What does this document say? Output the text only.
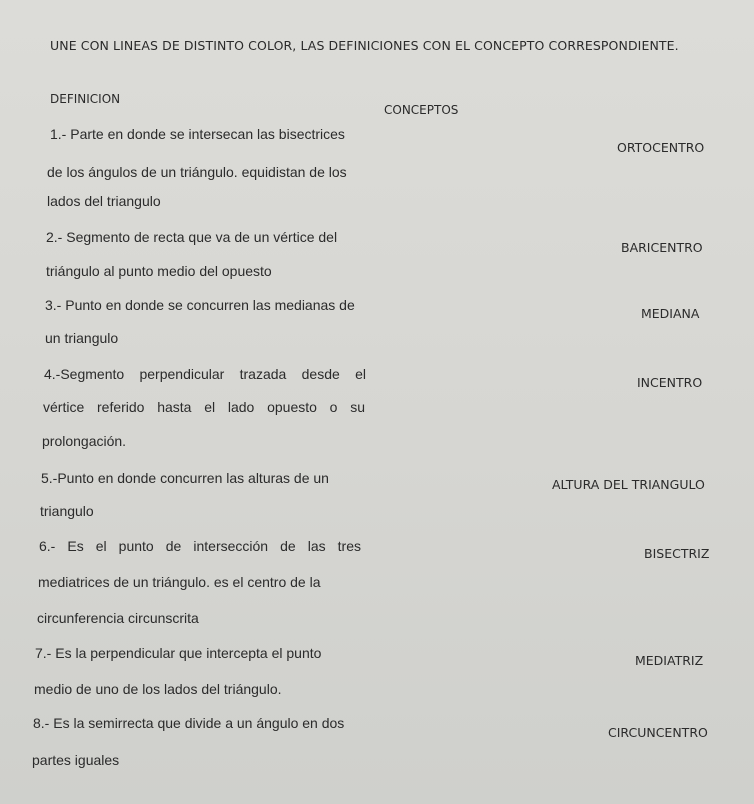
UNE CON LINEAS DE DISTINTO COLOR, LAS DEFINICIONES CON EL CONCEPTO CORRESPONDIENTE.
DEFINICION
CONCEPTOS
1.- Parte en donde se intersecan las bisectrices
de los ángulos de un triángulo. equidistan de los
lados del triangulo
2.- Segmento de recta que va de un vértice del
triángulo al punto medio del opuesto
3.- Punto en donde se concurren las medianas de
un triangulo
4.-Segmento perpendicular trazada desde el
vértice referido hasta el lado opuesto o su
prolongación.
5.-Punto en donde concurren las alturas de un
triangulo
6.- Es el punto de intersección de las tres
mediatrices de un triángulo. es el centro de la
circunferencia circunscrita
7.- Es la perpendicular que intercepta el punto
medio de uno de los lados del triángulo.
8.- Es la semirrecta que divide a un ángulo en dos
partes iguales
ORTOCENTRO
BARICENTRO
MEDIANA
INCENTRO
ALTURA DEL TRIANGULO
BISECTRIZ
MEDIATRIZ
CIRCUNCENTRO
